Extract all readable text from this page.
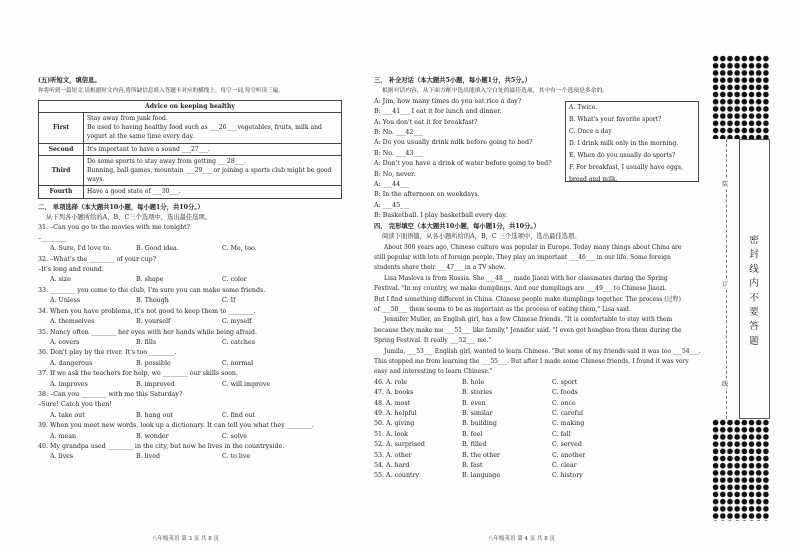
(五)听短文，填信息。
你将听到一篇短文,请根据短文内容,将所缺信息填入答题卡对应的横线上，每空一词,每空听读三遍。
Advice on keeping healthy	
First	Stay away from junk food.
Be used to having healthy food such as ___26___ vegetables, fruits, milk and
yogurt at the same time every day.

Second	It's important to have a sound ___27___.

Third	Do some sports to stay away from getting ___28___.
Running, ball games, mountain ___29___ or joining a sports club might be good
ways.

Fourth	Have a good state of ___30___.
二、 单项选择（本大题共10小题，每小题1分，共10分。）
从下列各小题所给的A、B、C三个选项中，选出最佳选项。
31. –Can you go to the movies with me tonight?
–________
A. Sure, I'd love to.	B. Good idea.	C. Me, too.
32. –What's the ________ of your cup?
–It's long and round.
A. size	B. shape	C. color
33. ________ you come to the club, I'm sure you can make some friends.
A. Unless	B. Though	C. If
34. When you have problems, it's not good to keep them to ________.
A. themselves	B. yourself	C. myself
35. Nancy often ________ her eyes with her hands while being afraid.
A. covers	B. fills	C. catches
36. Don't play by the river. It's too ________.
A. dangerous	B. possible	C. normal
37. If we ask the teachers for help, we ________ our skills soon.
A. improves	B. improved	C. will improve
38. –Can you ________ with me this Saturday?
–Sure! Catch you then!
A. take out	B. hang out	C. find out
39. When you meet new words, look up a dictionary. It can tell you what they ________.
A. mean	B. wonder	C. solve
40. My grandpa used ________ in the city, but now he lives in the countryside.
A. lives	B. lived	C. to live
三、 补全对话（本大题共5小题，每小题1分，共5分。）
根据对话内容，从下面方框中选出能填入空白处的最佳选项，其中有一个选项是多余的。
A: Jim, how many times do you eat rice a day?
B: ___41___ I eat it for lunch and dinner.
A: You don't eat it for breakfast?
B: No. ___42___
A: Do you usually drink milk before going to bed?
B: No. ___43___
A: Don't you have a drink of water before going to bed?
B: No, never.
A: ___44___
B: In the afternoon on weekdays.
A: ___45___
B: Basketball. I play basketball every day.
四、 完形填空（本大题共10小题，每小题1分，共10分。）
阅读下面语篇，从各小题所给的A，B，C 三个选项中，选出最佳选项。
About 300 years ago, Chinese culture was popular in Europe. Today many things about China are
still popular with lots of foreign people. They play an important ___46___ in our life. Some foreign
students share their ___47___ in a TV show.
Lisa Maslova is from Russia. She ___48___ made Jiaozi with her classmates during the Spring
Festival. "In my country, we make dumplings. And our dumplings are ___49___ to Chinese Jiaozi.
But I find something different in China. Chinese people make dumplings together. The process (过程)
of ___50___ them seems to be as important as the process of eating them," Lisa said.
Jennifer Muller, an English girl, has a few Chinese friends. "It is comfortable to stay with them
because they make me ___51___ like family," Jennifer said. "I even got hongbao from them during the
Spring Festival. It really ___52___ me."
Jumila, ___53___ English girl, wanted to learn Chinese. "But some of my friends said it was too ___54___.
This stopped me from learning the ___55___. But after I made some Chinese friends, I found it was very
easy and interesting to learn Chinese."
46. A. role	B. hole	C. sport
47. A. books	B. stories	C. foods
48. A. most	B. even	C. once
49. A. helpful	B. similar	C. careful
50. A. giving	B. building	C. making
51. A. look	B. feel	C. fall
52. A. surprised	B. filled	C. served
53. A. other	B. the other	C. another
54. A. hard	B. fast	C. clear
55. A. country	B. language	C. history
A. Twice.
B. What's your favorite sport?
C. Once a day
D. I drink milk only in the morning.
E. When do you usually do sports?
F. For breakfast, I usually have eggs,
bread and milk.
八年级英语 第 3 页 共 8 页	八年级英语 第 4 页 共 8 页
装
订
线
密封线内不要答题
